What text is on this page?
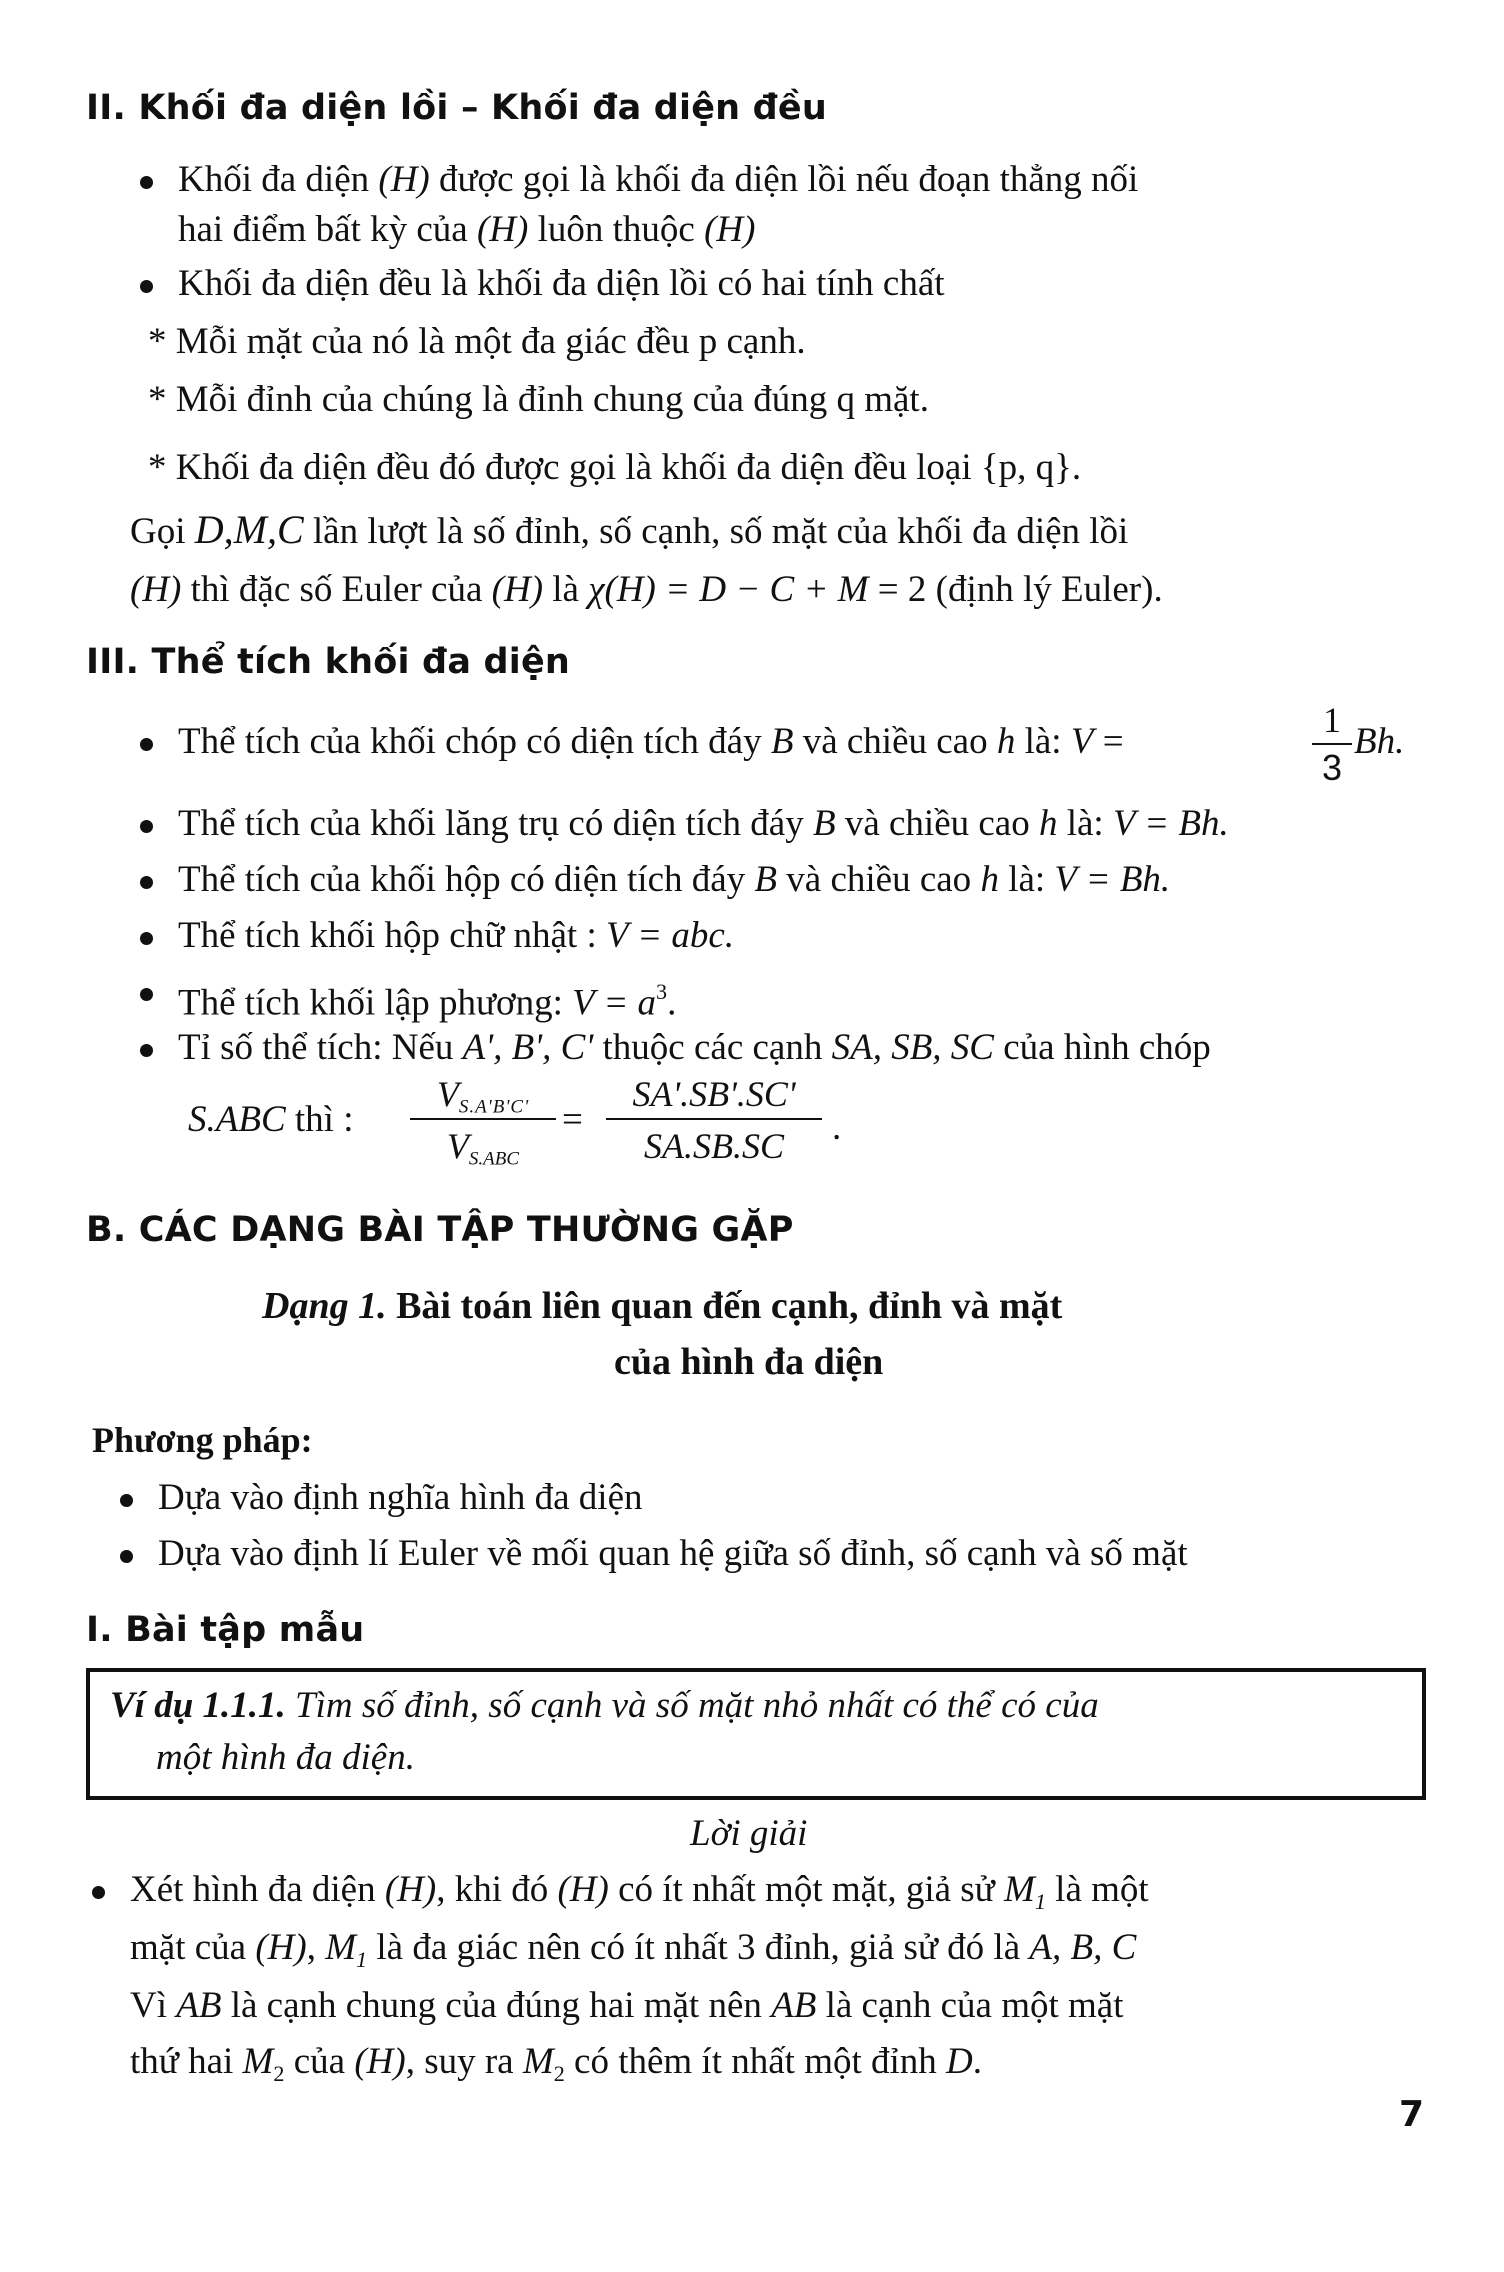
II. Khối đa diện lồi – Khối đa diện đều
Khối đa diện (H) được gọi là khối đa diện lồi nếu đoạn thẳng nối
hai điểm bất kỳ của (H) luôn thuộc (H)
Khối đa diện đều là khối đa diện lồi có hai tính chất
* Mỗi mặt của nó là một đa giác đều p cạnh.
* Mỗi đỉnh của chúng là đỉnh chung của đúng q mặt.
* Khối đa diện đều đó được gọi là khối đa diện đều loại {p, q}.
Gọi D,M,C lần lượt là số đỉnh, số cạnh, số mặt của khối đa diện lồi
(H) thì đặc số Euler của (H) là χ(H) = D − C + M = 2 (định lý Euler).
III. Thể tích khối đa diện
Thể tích của khối chóp có diện tích đáy B và chiều cao h là: V =
1
3
Bh.
Thể tích của khối lăng trụ có diện tích đáy B và chiều cao h là: V = Bh.
Thể tích của khối hộp có diện tích đáy B và chiều cao h là: V = Bh.
Thể tích khối hộp chữ nhật : V = abc.
Thể tích khối lập phương: $V = a^3$.
Tỉ số thể tích: Nếu A', B', C' thuộc các cạnh SA, SB, SC của hình chóp
S.ABC thì :
$V_{S.A'B'C'}$
$V_{S.ABC}$
=
SA'.SB'.SC'
SA.SB.SC	.
B. CÁC DẠNG BÀI TẬP THƯỜNG GẶP
Dạng 1. Bài toán liên quan đến cạnh, đỉnh và mặt
của hình đa diện
Phương pháp:
Dựa vào định nghĩa hình đa diện
Dựa vào định lí Euler về mối quan hệ giữa số đỉnh, số cạnh và số mặt
I. Bài tập mẫu
Ví dụ 1.1.1. Tìm số đỉnh, số cạnh và số mặt nhỏ nhất có thể có của
một hình đa diện.
Lời giải
Xét hình đa diện (H), khi đó (H) có ít nhất một mặt, giả sử $M_1$ là một
mặt của (H), $M_1$ là đa giác nên có ít nhất 3 đỉnh, giả sử đó là A, B, C
Vì AB là cạnh chung của đúng hai mặt nên AB là cạnh của một mặt
thứ hai $M_2$ của (H), suy ra $M_2$ có thêm ít nhất một đỉnh D.
7
